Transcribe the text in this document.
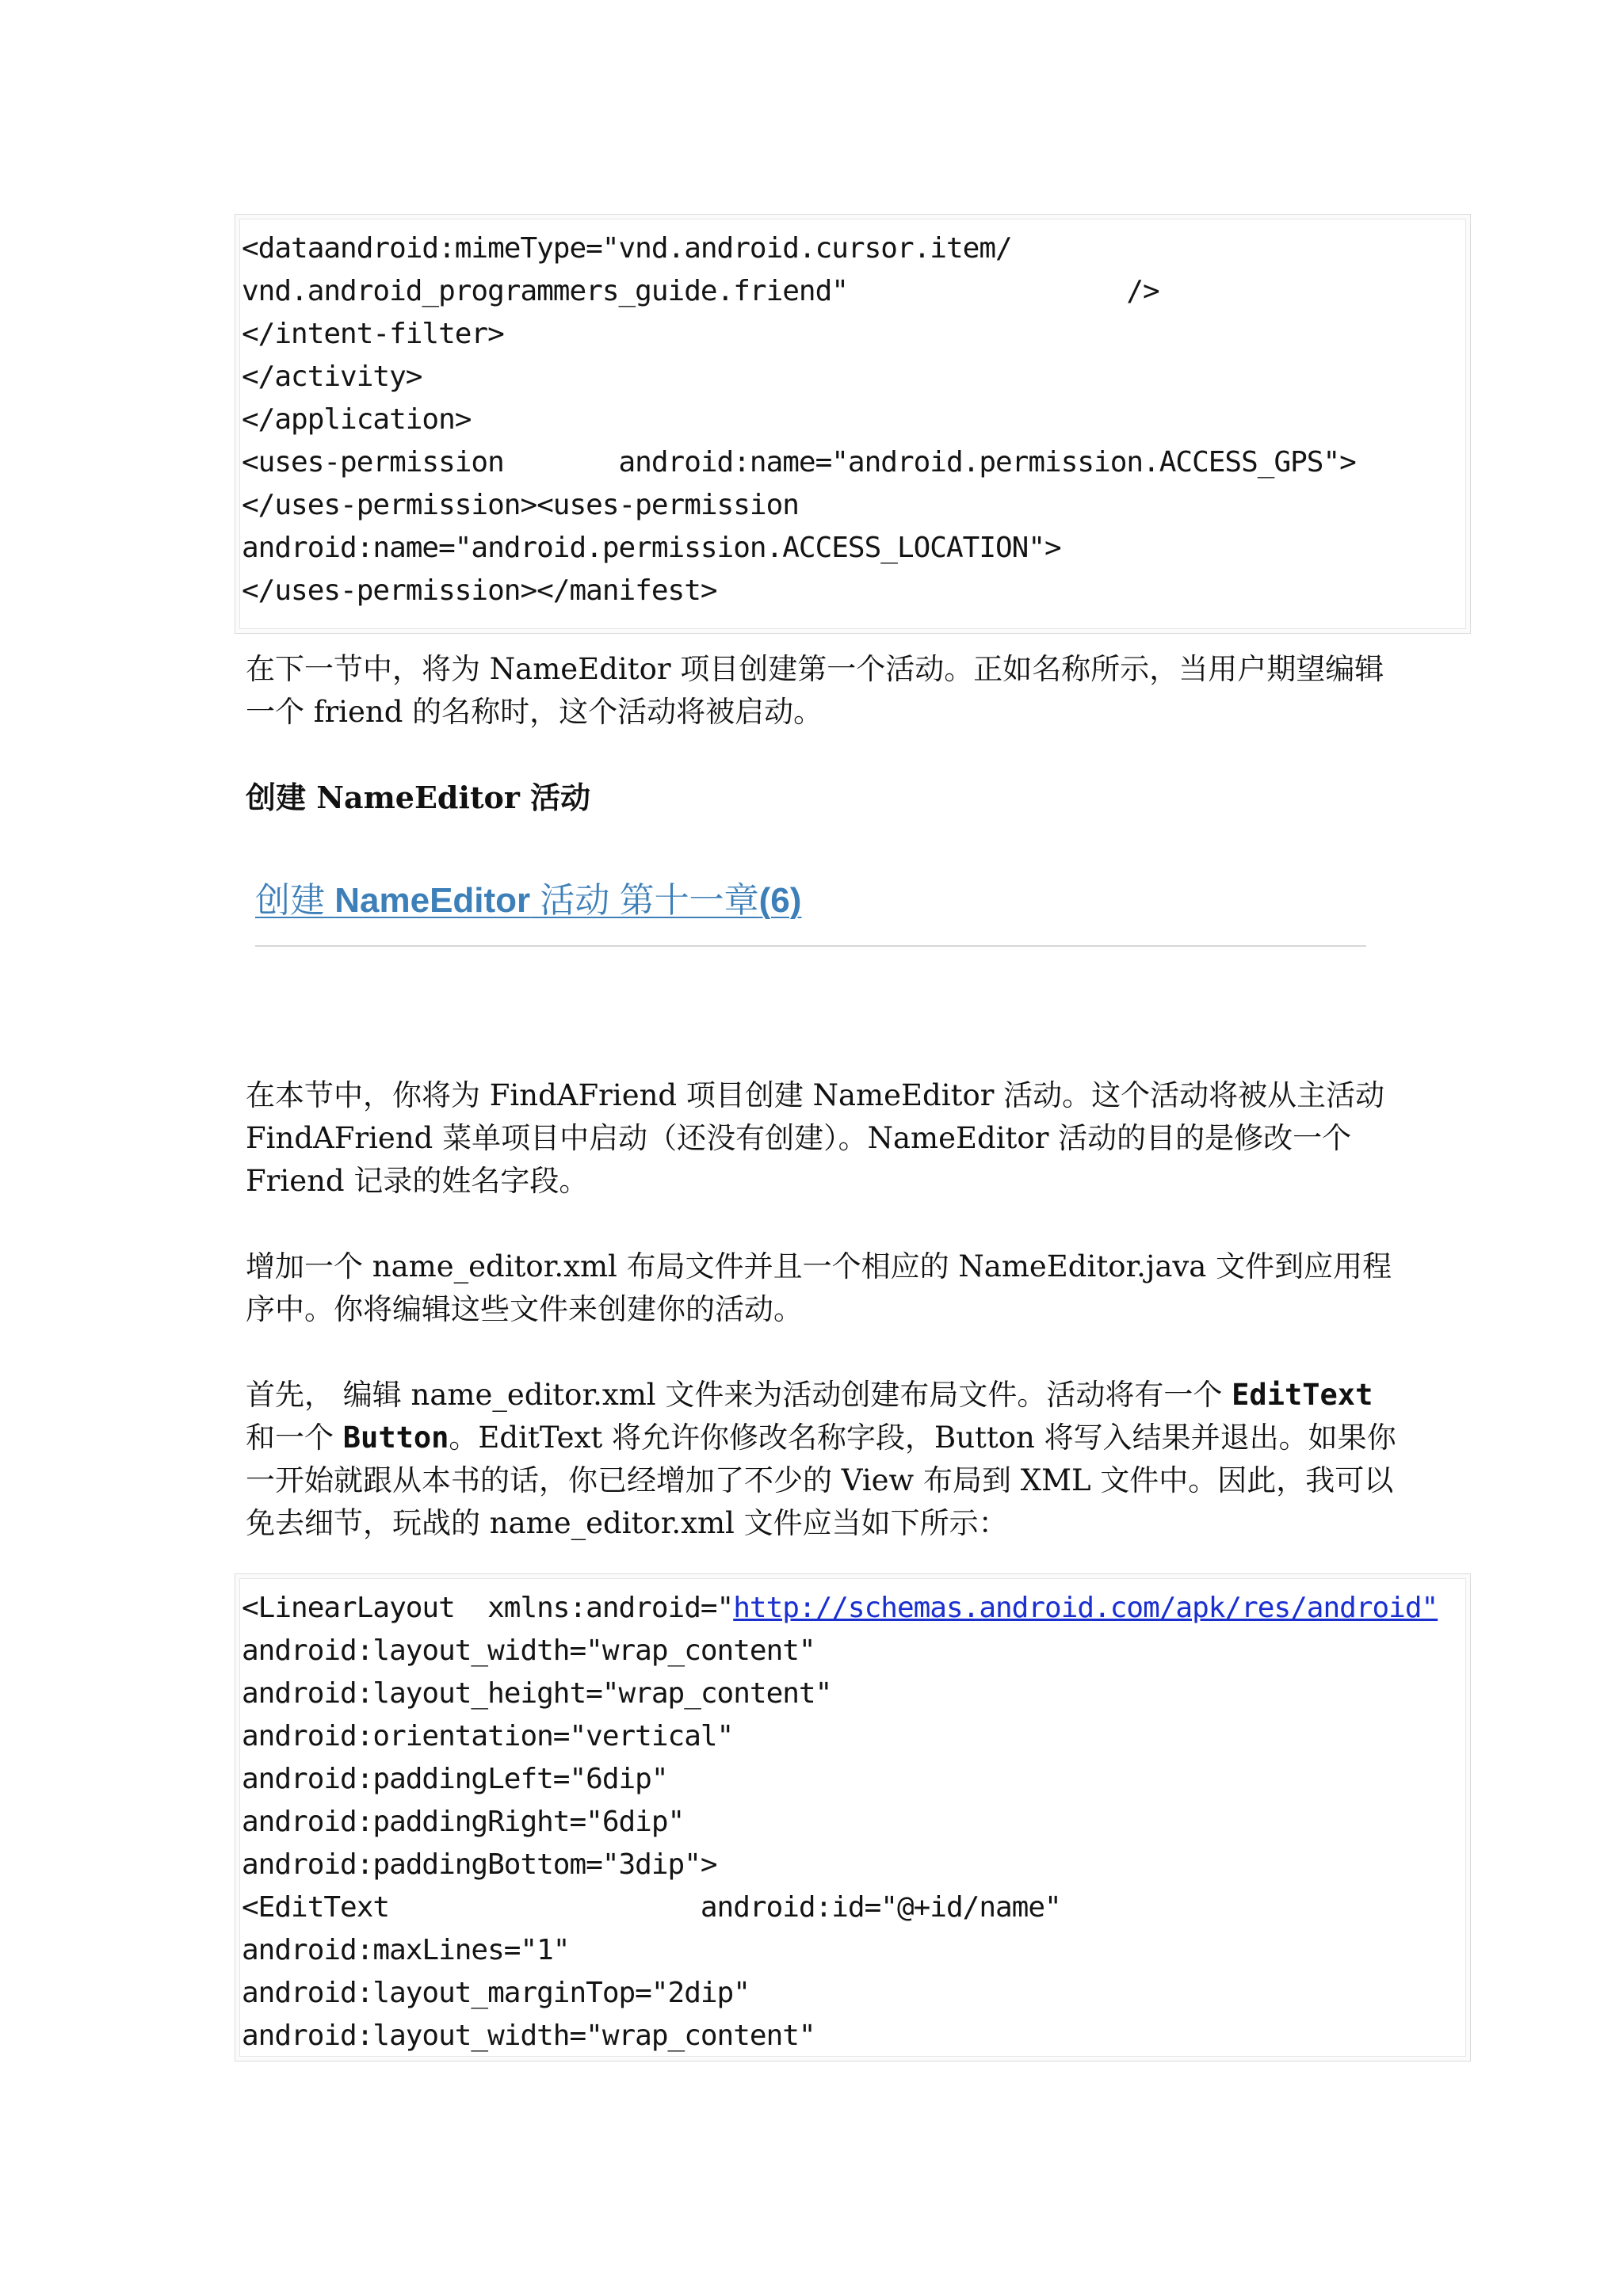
<dataandroid:mimeType="vnd.android.cursor.item/
vnd.android_programmers_guide.friend"                 />
</intent-filter>
</activity>
</application>
<uses-permission       android:name="android.permission.ACCESS_GPS">
</uses-permission><uses-permission
android:name="android.permission.ACCESS_LOCATION">
</uses-permission></manifest>

在下一节中，将为 NameEditor 项目创建第一个活动。正如名称所示，当用户期望编辑一个 friend 的名称时，这个活动将被启动。

创建 NameEditor 活动
创建 NameEditor 活动 第十一章(6)

在本节中，你将为 FindAFriend 项目创建 NameEditor 活动。这个活动将被从主活动 FindAFriend 菜单项目中启动（还没有创建）。NameEditor 活动的目的是修改一个 Friend 记录的姓名字段。

增加一个 name_editor.xml 布局文件并且一个相应的 NameEditor.java 文件到应用程序中。你将编辑这些文件来创建你的活动。

首先， 编辑 name_editor.xml 文件来为活动创建布局文件。活动将有一个 EditText 和一个 Button。EditText 将允许你修改名称字段，Button 将写入结果并退出。如果你一开始就跟从本书的话，你已经增加了不少的 View 布局到 XML 文件中。因此，我可以免去细节，玩战的 name_editor.xml 文件应当如下所示：

<LinearLayout  xmlns:android="http://schemas.android.com/apk/res/android"
android:layout_width="wrap_content"
android:layout_height="wrap_content"
android:orientation="vertical"
android:paddingLeft="6dip"
android:paddingRight="6dip"
android:paddingBottom="3dip">
<EditText                   android:id="@+id/name"
android:maxLines="1"
android:layout_marginTop="2dip"
android:layout_width="wrap_content"
